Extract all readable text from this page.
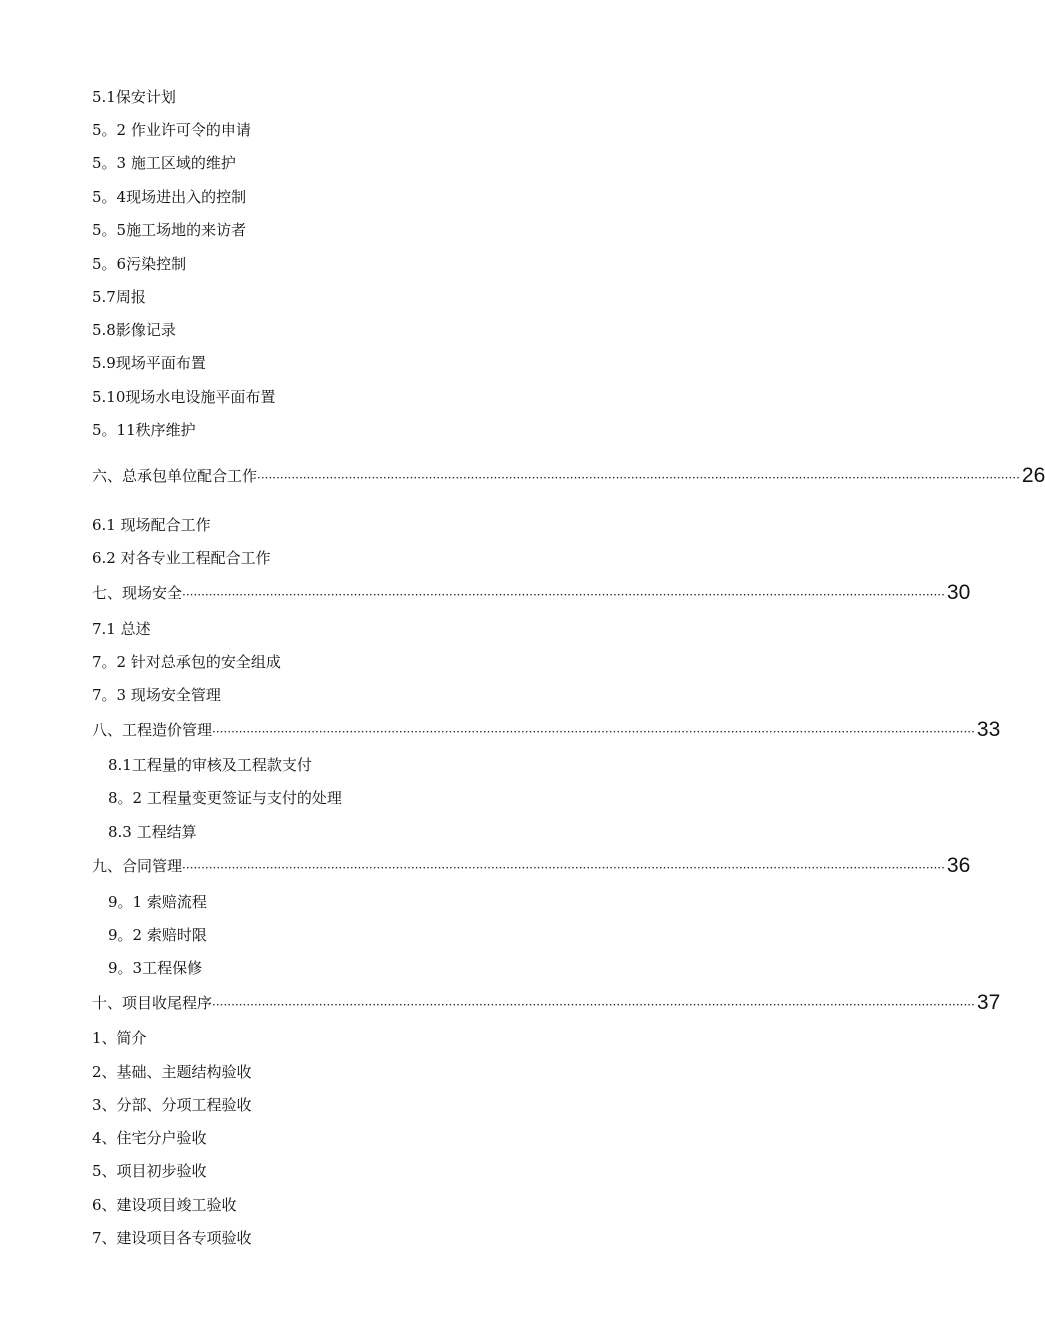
5.1保安计划
5。2 作业许可令的申请
5。3 施工区域的维护
5。4现场进出入的控制
5。5施工场地的来访者
5。6污染控制
5.7周报
5.8影像记录
5.9现场平面布置
5.10现场水电设施平面布置
5。11秩序维护
六、总承包单位配合工作 ········································································································································································································ 26
6.1 现场配合工作
6.2 对各专业工程配合工作
七、现场安全 ········································································································································································································ 30
7.1 总述
7。2 针对总承包的安全组成
7。3 现场安全管理
八、工程造价管理 ········································································································································································································ 33
8.1工程量的审核及工程款支付
8。2 工程量变更签证与支付的处理
8.3 工程结算
九、合同管理 ········································································································································································································ 36
9。1 索赔流程
9。2 索赔时限
9。3工程保修
十、项目收尾程序 ········································································································································································································ 37
1、简介
2、基础、主题结构验收
3、分部、分项工程验收
4、住宅分户验收
5、项目初步验收
6、建设项目竣工验收
7、建设项目各专项验收
